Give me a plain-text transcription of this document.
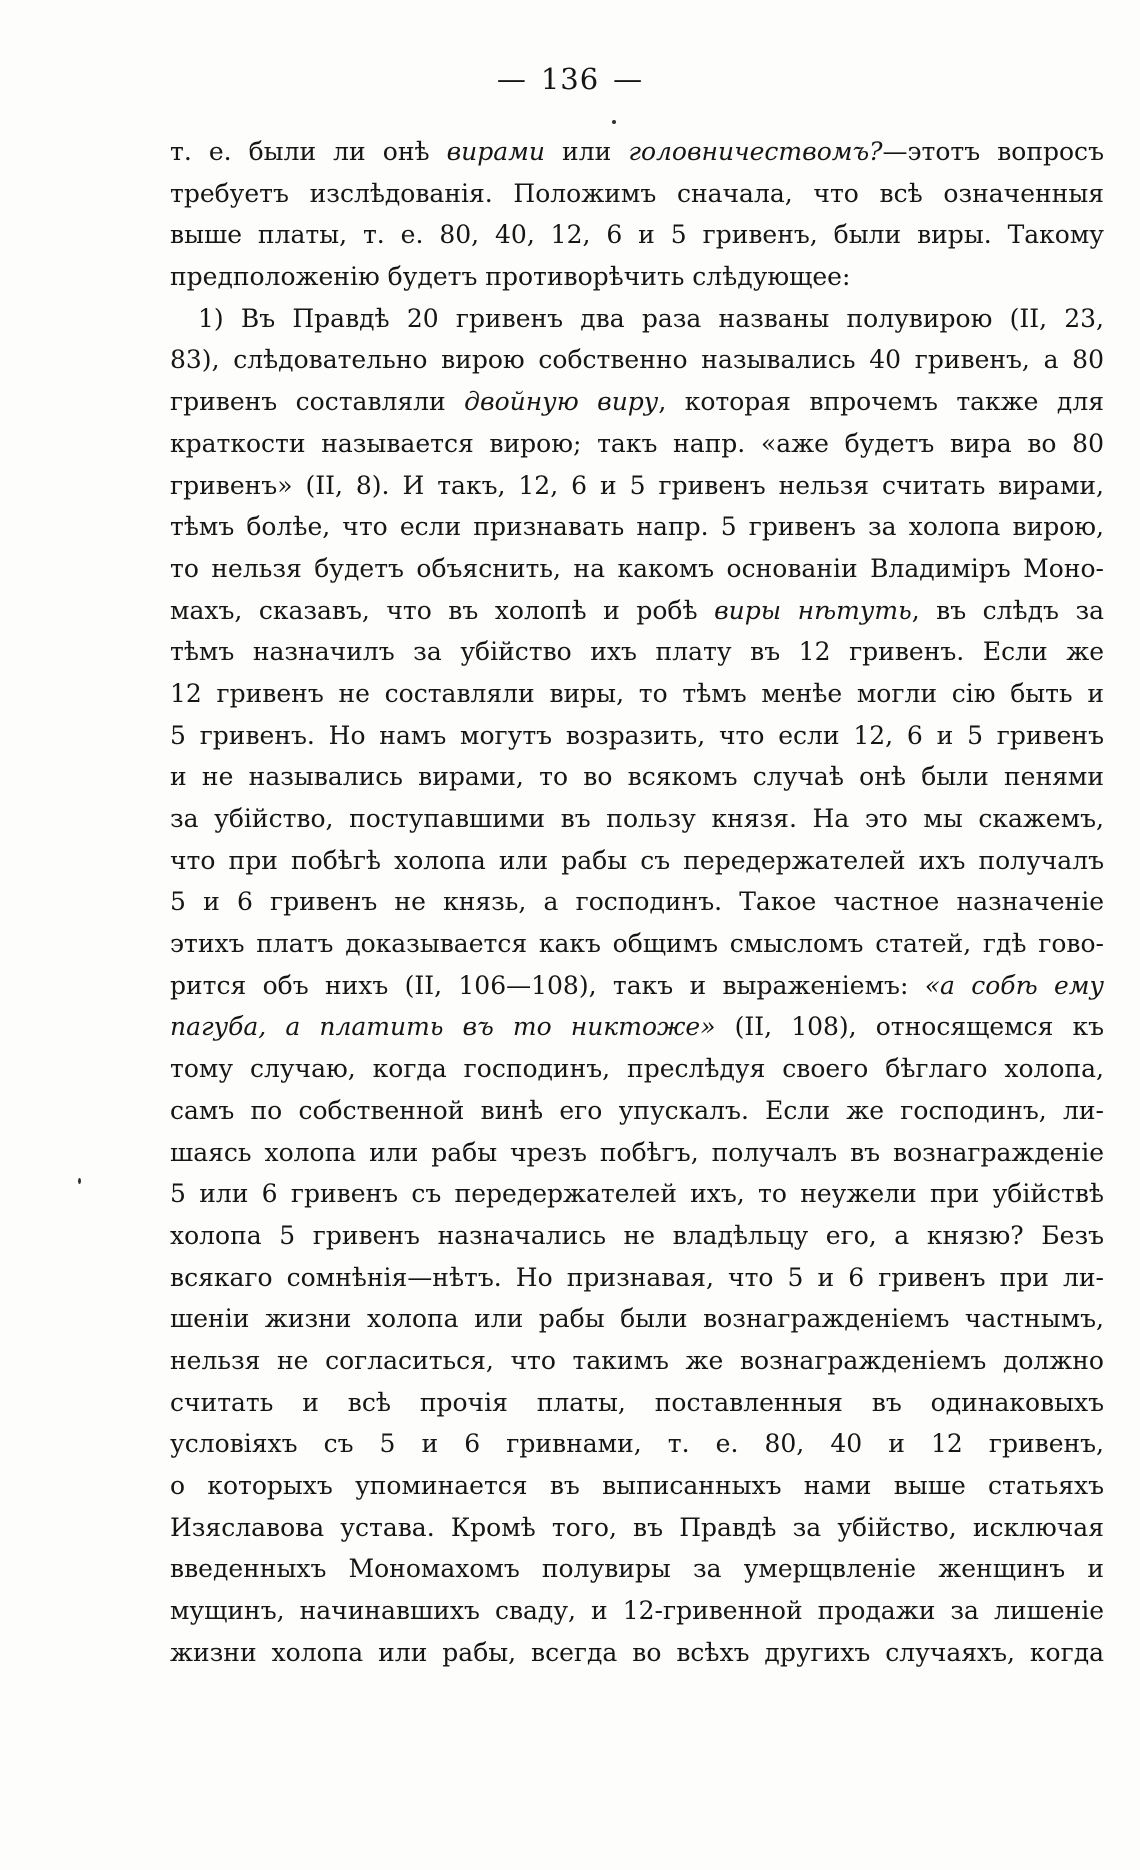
— 136 —
т. е. были ли онѣ вирами или головничествомъ?—этотъ вопросъ
требуетъ изслѣдованія. Положимъ сначала, что всѣ означенныя
выше платы, т. е. 80, 40, 12, 6 и 5 гривенъ, были виры. Такому
предположенію будетъ противорѣчить слѣдующее:
1) Въ Правдѣ 20 гривенъ два раза названы полувирою (II, 23,
83), слѣдовательно вирою собственно назывались 40 гривенъ, а 80
гривенъ составляли двойную виру, которая впрочемъ также для
краткости называется вирою; такъ напр. «аже будетъ вира во 80
гривенъ» (II, 8). И такъ, 12, 6 и 5 гривенъ нельзя считать вирами,
тѣмъ болѣе, что если признавать напр. 5 гривенъ за холопа вирою,
то нельзя будетъ объяснить, на какомъ основаніи Владиміръ Моно-
махъ, сказавъ, что въ холопѣ и робѣ виры нѣтуть, въ слѣдъ за
тѣмъ назначилъ за убійство ихъ плату въ 12 гривенъ. Если же
12 гривенъ не составляли виры, то тѣмъ менѣе могли сію быть и
5 гривенъ. Но намъ могутъ возразить, что если 12, 6 и 5 гривенъ
и не назывались вирами, то во всякомъ случаѣ онѣ были пенями
за убійство, поступавшими въ пользу князя. На это мы скажемъ,
что при побѣгѣ холопа или рабы съ передержателей ихъ получалъ
5 и 6 гривенъ не князь, а господинъ. Такое частное назначеніе
этихъ платъ доказывается какъ общимъ смысломъ статей, гдѣ гово-
рится объ нихъ (II, 106—108), такъ и выраженіемъ: «а собѣ ему
пагуба, а платить въ то никтоже» (II, 108), относящемся къ
тому случаю, когда господинъ, преслѣдуя своего бѣглаго холопа,
самъ по собственной винѣ его упускалъ. Если же господинъ, ли-
шаясь холопа или рабы чрезъ побѣгъ, получалъ въ вознагражденіе
5 или 6 гривенъ съ передержателей ихъ, то неужели при убійствѣ
холопа 5 гривенъ назначались не владѣльцу его, а князю? Безъ
всякаго сомнѣнія—нѣтъ. Но признавая, что 5 и 6 гривенъ при ли-
шеніи жизни холопа или рабы были вознагражденіемъ частнымъ,
нельзя не согласиться, что такимъ же вознагражденіемъ должно
считать и всѣ прочія платы, поставленныя въ одинаковыхъ
условіяхъ съ 5 и 6 гривнами, т. е. 80, 40 и 12 гривенъ,
о которыхъ упоминается въ выписанныхъ нами выше статьяхъ
Изяславова устава. Кромѣ того, въ Правдѣ за убійство, исключая
введенныхъ Мономахомъ полувиры за умерщвленіе женщинъ и
мущинъ, начинавшихъ сваду, и 12-гривенной продажи за лишеніе
жизни холопа или рабы, всегда во всѣхъ другихъ случаяхъ, когда
